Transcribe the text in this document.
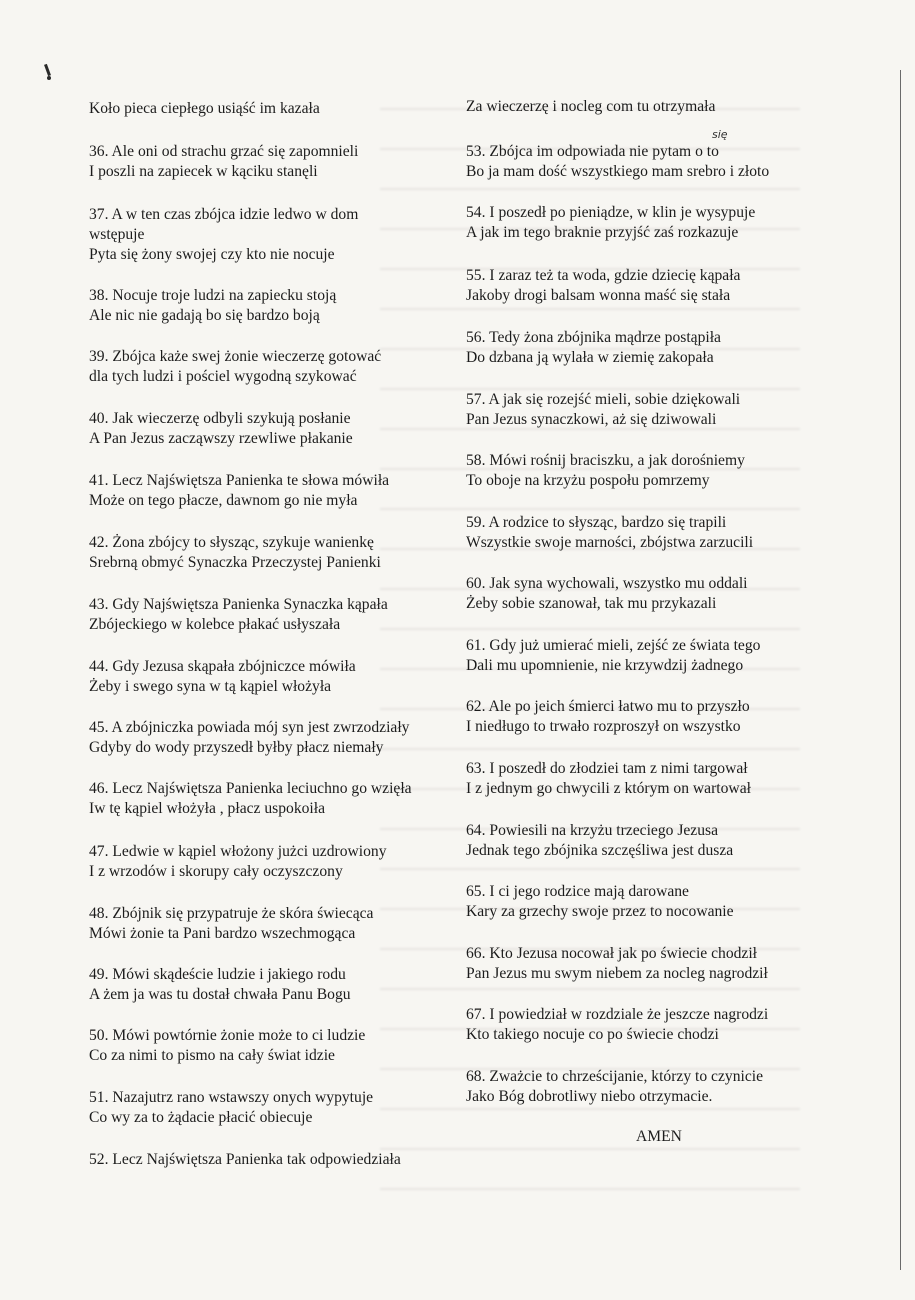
Koło pieca ciepłego usiąść im kazała
36. Ale oni od strachu grzać się zapomnieli
I poszli na zapiecek w kąciku stanęli
37. A w ten czas zbójca idzie ledwo w dom
wstępuje
Pyta się żony swojej czy kto nie nocuje
38. Nocuje troje ludzi na zapiecku stoją
Ale nic nie gadają bo się bardzo boją
39. Zbójca każe swej żonie wieczerzę gotować
dla tych ludzi i pościel wygodną szykować
40. Jak wieczerzę odbyli szykują posłanie
A Pan Jezus zacząwszy rzewliwe płakanie
41. Lecz Najświętsza Panienka te słowa mówiła
Może on tego płacze, dawnom go nie myła
42. Żona zbójcy to słysząc, szykuje wanienkę
Srebrną obmyć Synaczka Przeczystej Panienki
43. Gdy Najświętsza Panienka Synaczka kąpała
Zbójeckiego w kolebce płakać usłyszała
44. Gdy Jezusa skąpała zbójniczce mówiła
Żeby i swego syna w tą kąpiel włożyła
45. A zbójniczka powiada mój syn jest zwrzodziały
Gdyby do wody przyszedł byłby płacz niemały
46. Lecz Najświętsza Panienka leciuchno go wzięła
Iw tę kąpiel włożyła , płacz uspokoiła
47. Ledwie w kąpiel włożony jużci uzdrowiony
I z wrzodów i skorupy cały oczyszczony
48. Zbójnik się przypatruje że skóra świecąca
Mówi żonie ta Pani bardzo wszechmogąca
49. Mówi skądeście ludzie i jakiego rodu
A żem ja was tu dostał chwała Panu Bogu
50. Mówi powtórnie żonie może to ci ludzie
Co za nimi to pismo na cały świat idzie
51. Nazajutrz rano wstawszy onych wypytuje
Co wy za to żądacie płacić obiecuje
52. Lecz Najświętsza Panienka tak odpowiedziała
Za wieczerzę i nocleg com tu otrzymała
53. Zbójca im odpowiada nie pytam o to
Bo ja mam dość wszystkiego mam srebro i złoto
54. I poszedł po pieniądze, w klin je wysypuje
A jak im tego braknie przyjść zaś rozkazuje
55. I zaraz też ta woda, gdzie dziecię kąpała
Jakoby drogi balsam wonna maść się stała
56. Tedy żona zbójnika mądrze postąpiła
Do dzbana ją wylała w ziemię zakopała
57. A jak się rozejść mieli, sobie dziękowali
Pan Jezus synaczkowi, aż się dziwowali
58. Mówi rośnij braciszku, a jak dorośniemy
To oboje na krzyżu pospołu pomrzemy
59. A rodzice to słysząc, bardzo się trapili
Wszystkie swoje marności, zbójstwa zarzucili
60. Jak syna wychowali, wszystko mu oddali
Żeby sobie szanował, tak mu przykazali
61. Gdy już umierać mieli, zejść ze świata tego
Dali mu upomnienie, nie krzywdzij żadnego
62. Ale po jeich śmierci łatwo mu to przyszło
I niedługo to trwało rozproszył on wszystko
63. I poszedł do złodziei tam z nimi targował
I z jednym go chwycili z którym on wartował
64. Powiesili na krzyżu trzeciego Jezusa
Jednak tego zbójnika szczęśliwa jest dusza
65. I ci jego rodzice mają darowane
Kary za grzechy swoje przez to nocowanie
66. Kto Jezusa nocował jak po świecie chodził
Pan Jezus mu swym niebem za nocleg nagrodził
67. I powiedział w rozdziale że jeszcze nagrodzi
Kto takiego nocuje co po świecie chodzi
68. Zważcie to chrześcijanie, którzy to czynicie
Jako Bóg dobrotliwy niebo otrzymacie.
AMEN
się
